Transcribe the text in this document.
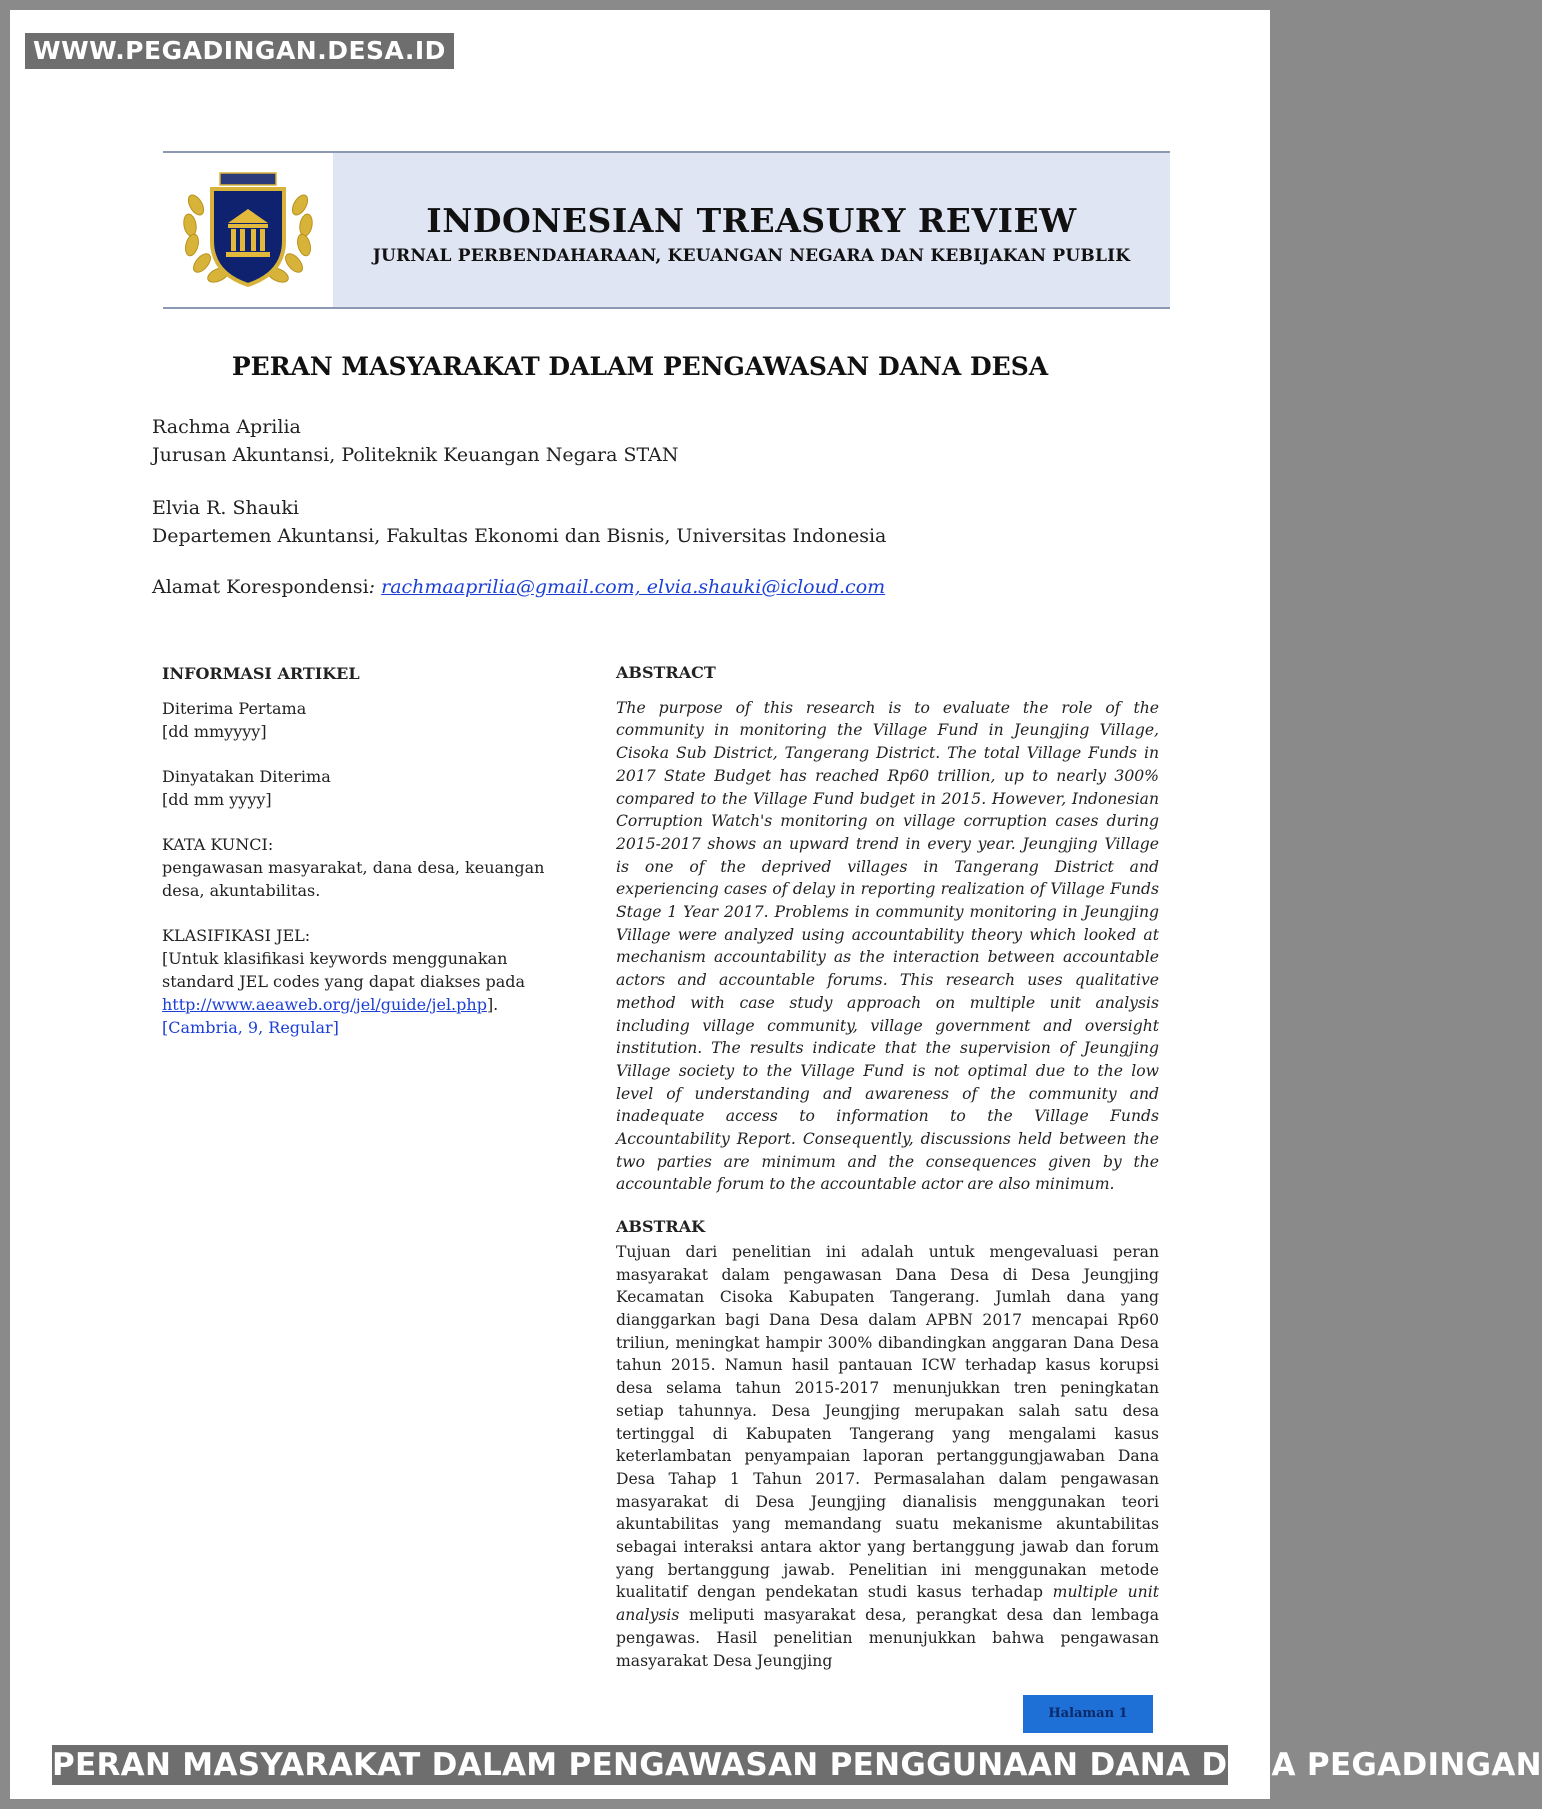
WWW.PEGADINGAN.DESA.ID
INDONESIAN TREASURY REVIEW
JURNAL PERBENDAHARAAN, KEUANGAN NEGARA DAN KEBIJAKAN PUBLIK
PERAN MASYARAKAT DALAM PENGAWASAN DANA DESA
Rachma Aprilia
Jurusan Akuntansi, Politeknik Keuangan Negara STAN
Elvia R. Shauki
Departemen Akuntansi, Fakultas Ekonomi dan Bisnis, Universitas Indonesia
Alamat Korespondensi: rachmaaprilia@gmail.com, elvia.shauki@icloud.com
INFORMASI ARTIKEL
Diterima Pertama
[dd mmyyyy]
Dinyatakan Diterima
[dd mm yyyy]
KATA KUNCI:
pengawasan masyarakat, dana desa, keuangan desa, akuntabilitas.
KLASIFIKASI JEL:
[Untuk klasifikasi keywords menggunakan standard JEL codes yang dapat diakses pada http://www.aeaweb.org/jel/guide/jel.php].
[Cambria, 9, Regular]
ABSTRACT

The purpose of this research is to evaluate the role of the community in monitoring the Village Fund in Jeungjing Village, Cisoka Sub District, Tangerang District. The total Village Funds in 2017 State Budget has reached Rp60 trillion, up to nearly 300% compared to the Village Fund budget in 2015. However, Indonesian Corruption Watch's monitoring on village corruption cases during 2015-2017 shows an upward trend in every year. Jeungjing Village is one of the deprived villages in Tangerang District and experiencing cases of delay in reporting realization of Village Funds Stage 1 Year 2017. Problems in community monitoring in Jeungjing Village were analyzed using accountability theory which looked at mechanism accountability as the interaction between accountable actors and accountable forums. This research uses qualitative method with case study approach on multiple unit analysis including village community, village government and oversight institution. The results indicate that the supervision of Jeungjing Village society to the Village Fund is not optimal due to the low level of understanding and awareness of the community and inadequate access to information to the Village Funds Accountability Report. Consequently, discussions held between the two parties are minimum and the consequences given by the accountable forum to the accountable actor are also minimum.

ABSTRAK

Tujuan dari penelitian ini adalah untuk mengevaluasi peran masyarakat dalam pengawasan Dana Desa di Desa Jeungjing Kecamatan Cisoka Kabupaten Tangerang. Jumlah dana yang dianggarkan bagi Dana Desa dalam APBN 2017 mencapai Rp60 triliun, meningkat hampir 300% dibandingkan anggaran Dana Desa tahun 2015. Namun hasil pantauan ICW terhadap kasus korupsi desa selama tahun 2015-2017 menunjukkan tren peningkatan setiap tahunnya. Desa Jeungjing merupakan salah satu desa tertinggal di Kabupaten Tangerang yang mengalami kasus keterlambatan penyampaian laporan pertanggungjawaban Dana Desa Tahap 1 Tahun 2017. Permasalahan dalam pengawasan masyarakat di Desa Jeungjing dianalisis menggunakan teori akuntabilitas yang memandang suatu mekanisme akuntabilitas sebagai interaksi antara aktor yang bertanggung jawab dan forum yang bertanggung jawab. Penelitian ini menggunakan metode kualitatif dengan pendekatan studi kasus terhadap multiple unit analysis meliputi masyarakat desa, perangkat desa dan lembaga pengawas. Hasil penelitian menunjukkan bahwa pengawasan masyarakat Desa Jeungjing

Halaman 1
PERAN MASYARAKAT DALAM PENGAWASAN PENGGUNAAN DANA DESA PEGADINGAN
